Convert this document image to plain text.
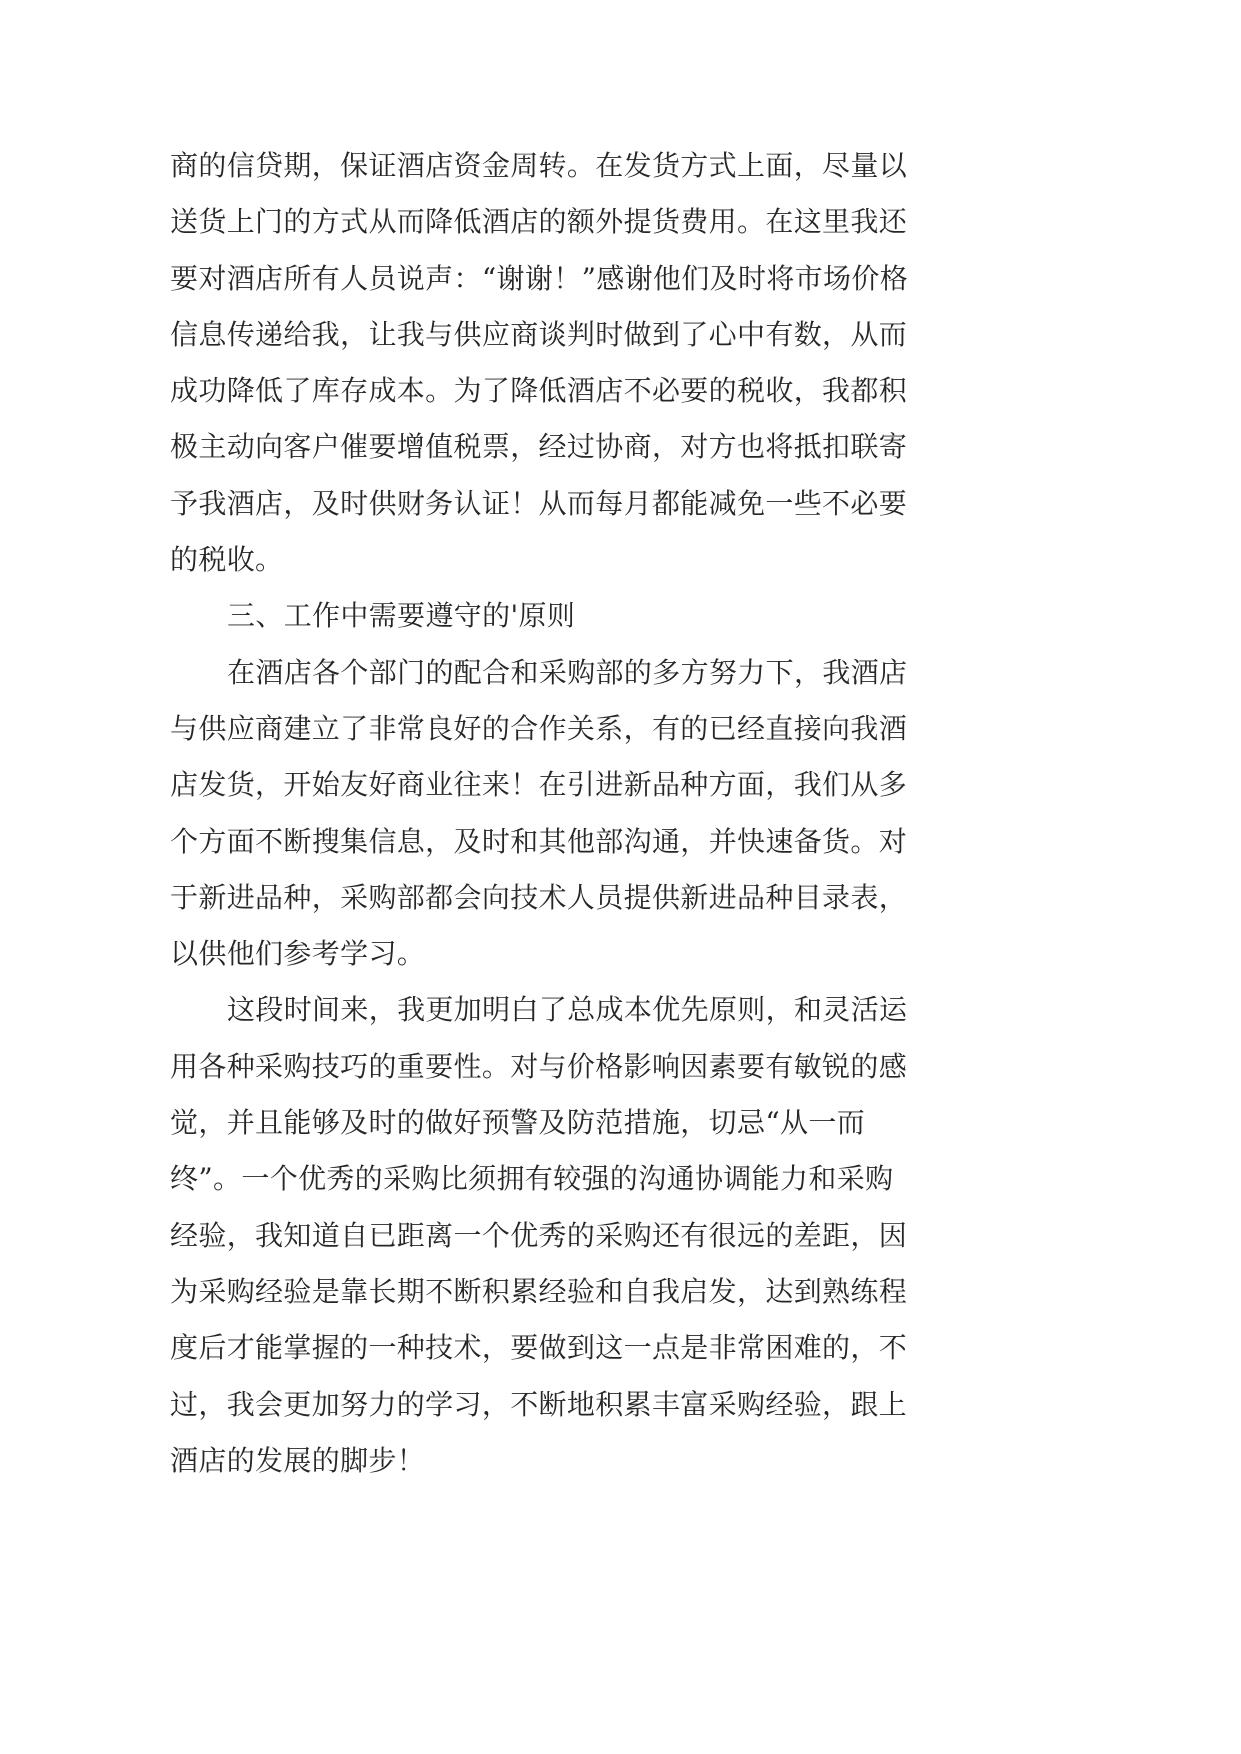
商的信贷期，保证酒店资金周转。在发货方式上面，尽量以
送货上门的方式从而降低酒店的额外提货费用。在这里我还
要对酒店所有人员说声：“谢谢！”感谢他们及时将市场价格
信息传递给我，让我与供应商谈判时做到了心中有数，从而
成功降低了库存成本。为了降低酒店不必要的税收，我都积
极主动向客户催要增值税票，经过协商，对方也将抵扣联寄
予我酒店，及时供财务认证！从而每月都能减免一些不必要
的税收。
三、工作中需要遵守的'原则
在酒店各个部门的配合和采购部的多方努力下，我酒店
与供应商建立了非常良好的合作关系，有的已经直接向我酒
店发货，开始友好商业往来！在引进新品种方面，我们从多
个方面不断搜集信息，及时和其他部沟通，并快速备货。对
于新进品种，采购部都会向技术人员提供新进品种目录表，
以供他们参考学习。
这段时间来，我更加明白了总成本优先原则，和灵活运
用各种采购技巧的重要性。对与价格影响因素要有敏锐的感
觉，并且能够及时的做好预警及防范措施，切忌“从一而
终”。一个优秀的采购比须拥有较强的沟通协调能力和采购
经验，我知道自已距离一个优秀的采购还有很远的差距，因
为采购经验是靠长期不断积累经验和自我启发，达到熟练程
度后才能掌握的一种技术，要做到这一点是非常困难的，不
过，我会更加努力的学习，不断地积累丰富采购经验，跟上
酒店的发展的脚步！
